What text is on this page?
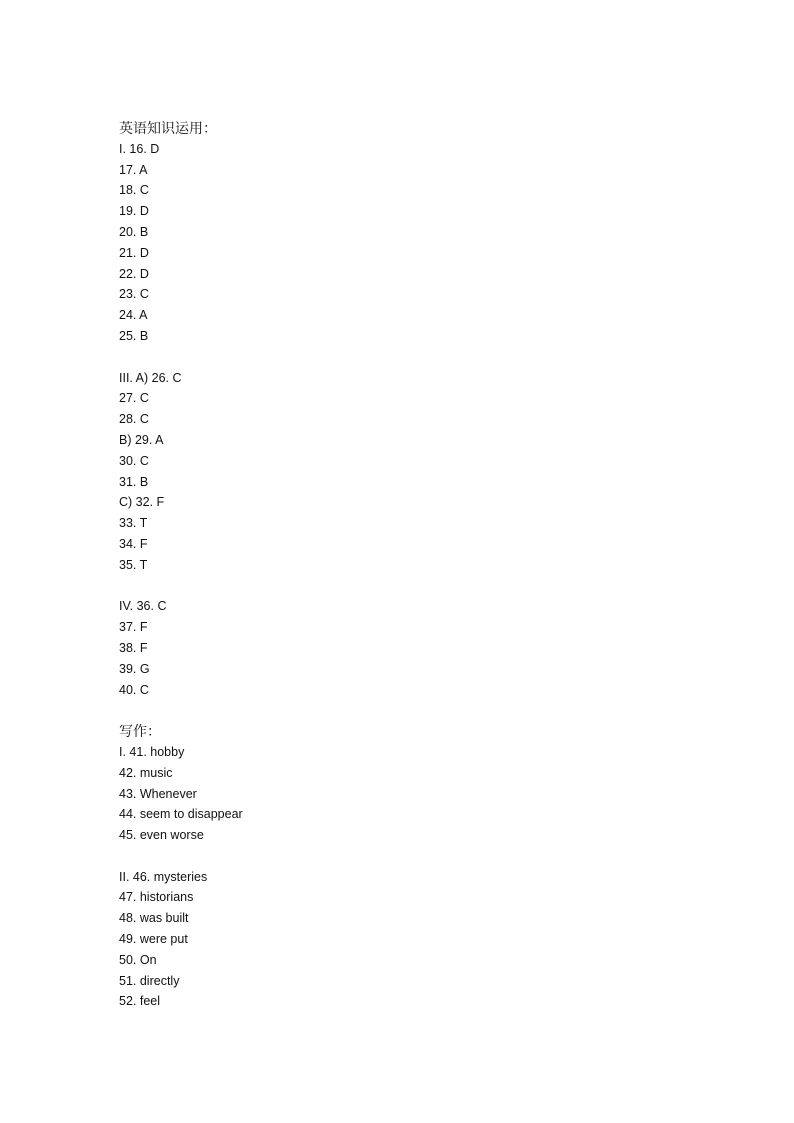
英语知识运用：
I. 16. D
17. A
18. C
19. D
20. B
21. D
22. D
23. C
24. A
25. B
III. A) 26. C
27. C
28. C
B) 29. A
30. C
31. B
C) 32. F
33. T
34. F
35. T
IV. 36. C
37. F
38. F
39. G
40. C
写作：
I. 41. hobby
42. music
43. Whenever
44. seem to disappear
45. even worse
II. 46. mysteries
47. historians
48. was built
49. were put
50. On
51. directly
52. feel
